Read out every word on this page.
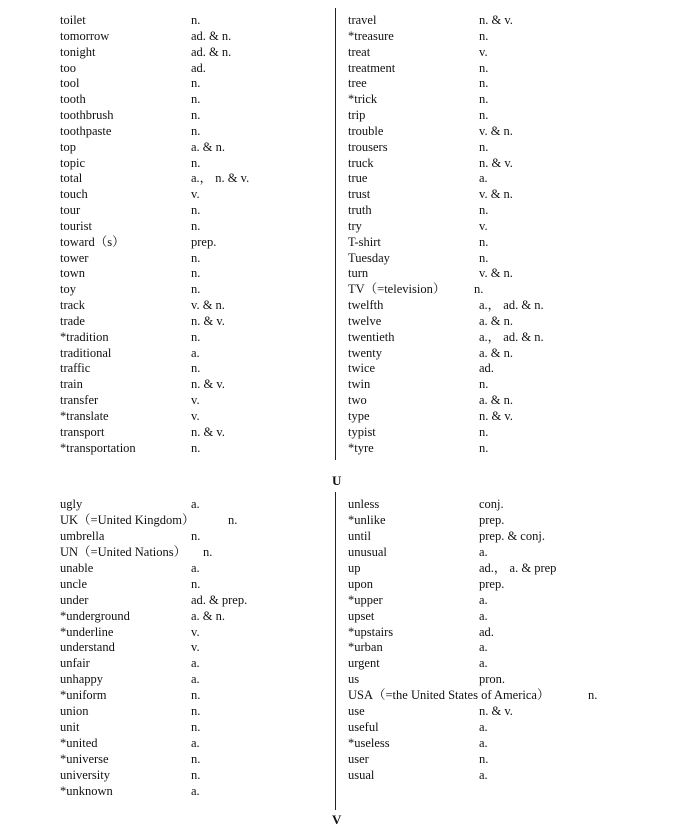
toilet	n.
tomorrow	ad. & n.
tonight	ad. & n.
too	ad.
tool	n.
tooth	n.
toothbrush	n.
toothpaste	n.
top	a. & n.
topic	n.
total	a.， n. & v.
touch	v.
tour	n.
tourist	n.
toward（s）	prep.
tower	n.
town	n.
toy	n.
track	v. & n.
trade	n. & v.
*tradition	n.
traditional	a.
traffic	n.
train	n. & v.
transfer	v.
*translate	v.
transport	n. & v.
*transportation	n.
travel	n. & v.
*treasure	n.
treat	v.
treatment	n.
tree	n.
*trick	n.
trip	n.
trouble	v. & n.
trousers	n.
truck	n. & v.
true	a.
trust	v. & n.
truth	n.
try	v.
T-shirt	n.
Tuesday	n.
turn	v. & n.
TV（=television） n.
twelfth	a.， ad. & n.
twelve	a. & n.
twentieth	a.， ad. & n.
twenty	a. & n.
twice	ad.
twin	n.
two	a. & n.
type	n. & v.
typist	n.
*tyre	n.
U
ugly	a.
UK（=United Kingdom）	n.
umbrella	n.
UN（=United Nations） n.
unable	a.
uncle	n.
under	ad. & prep.
*underground	a. & n.
*underline	v.
understand	v.
unfair	a.
unhappy	a.
*uniform	n.
union	n.
unit	n.
*united	a.
*universe	n.
university	n.
*unknown	a.
unless	conj.
*unlike	prep.
until	prep. & conj.
unusual	a.
up	ad.， a. & prep
upon	prep.
*upper	a.
upset	a.
*upstairs	ad.
*urban	a.
urgent	a.
us	pron.
USA（=the United States of America）	n.
use	n. & v.
useful	a.
*useless	a.
user	n.
usual	a.
V
